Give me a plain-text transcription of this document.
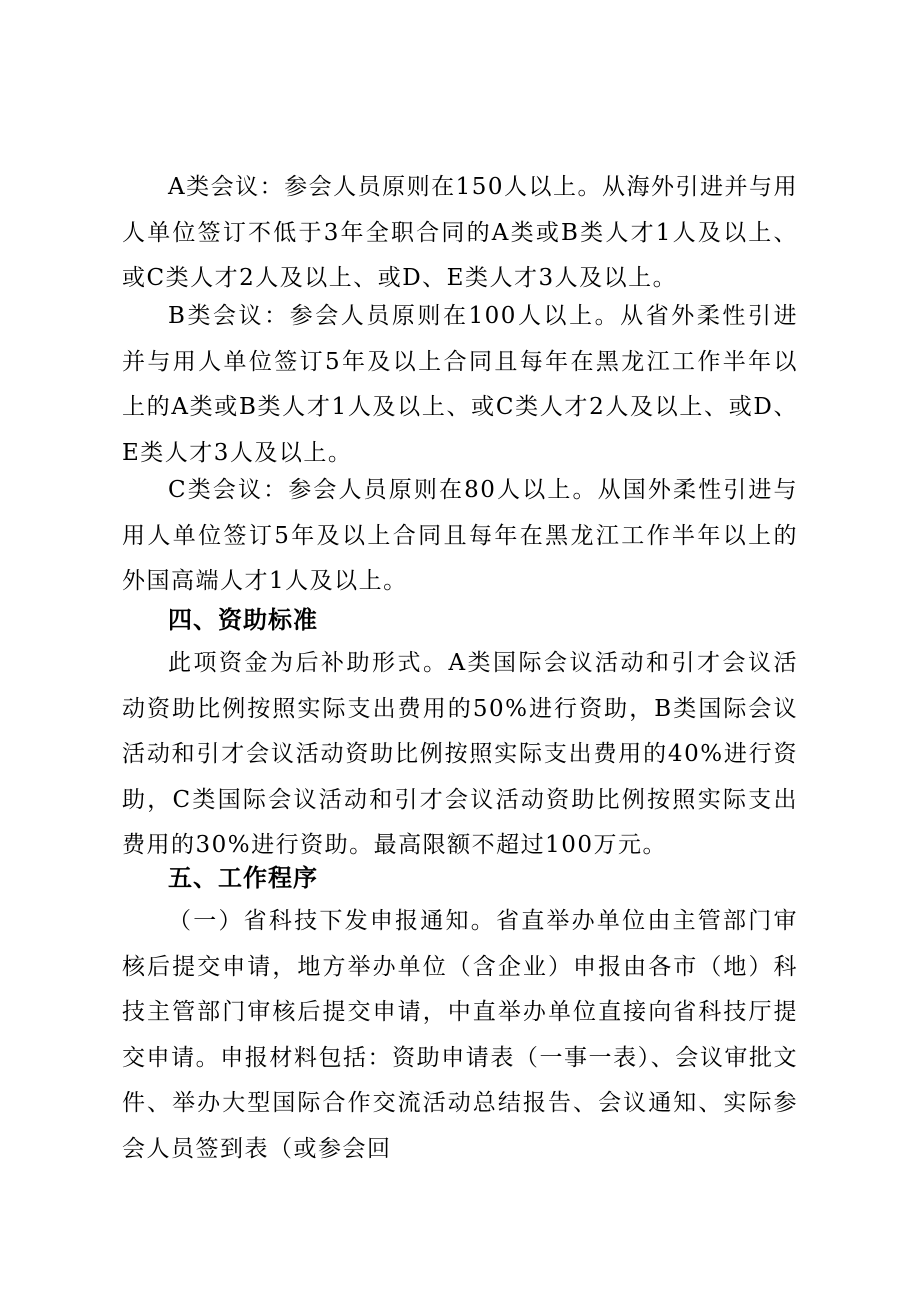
A类会议：参会人员原则在150人以上。从海外引进并与用人单位签订不低于3年全职合同的A类或B类人才1人及以上、或C类人才2人及以上、或D、E类人才3人及以上。

B类会议：参会人员原则在100人以上。从省外柔性引进并与用人单位签订5年及以上合同且每年在黑龙江工作半年以上的A类或B类人才1人及以上、或C类人才2人及以上、或D、E类人才3人及以上。

C类会议：参会人员原则在80人以上。从国外柔性引进与用人单位签订5年及以上合同且每年在黑龙江工作半年以上的外国高端人才1人及以上。

四、资助标准

此项资金为后补助形式。A类国际会议活动和引才会议活动资助比例按照实际支出费用的50%进行资助，B类国际会议活动和引才会议活动资助比例按照实际支出费用的40%进行资助，C类国际会议活动和引才会议活动资助比例按照实际支出费用的30%进行资助。最高限额不超过100万元。

五、工作程序

（一）省科技下发申报通知。省直举办单位由主管部门审核后提交申请，地方举办单位（含企业）申报由各市（地）科技主管部门审核后提交申请，中直举办单位直接向省科技厅提交申请。申报材料包括：资助申请表（一事一表）、会议审批文件、举办大型国际合作交流活动总结报告、会议通知、实际参会人员签到表（或参会回
